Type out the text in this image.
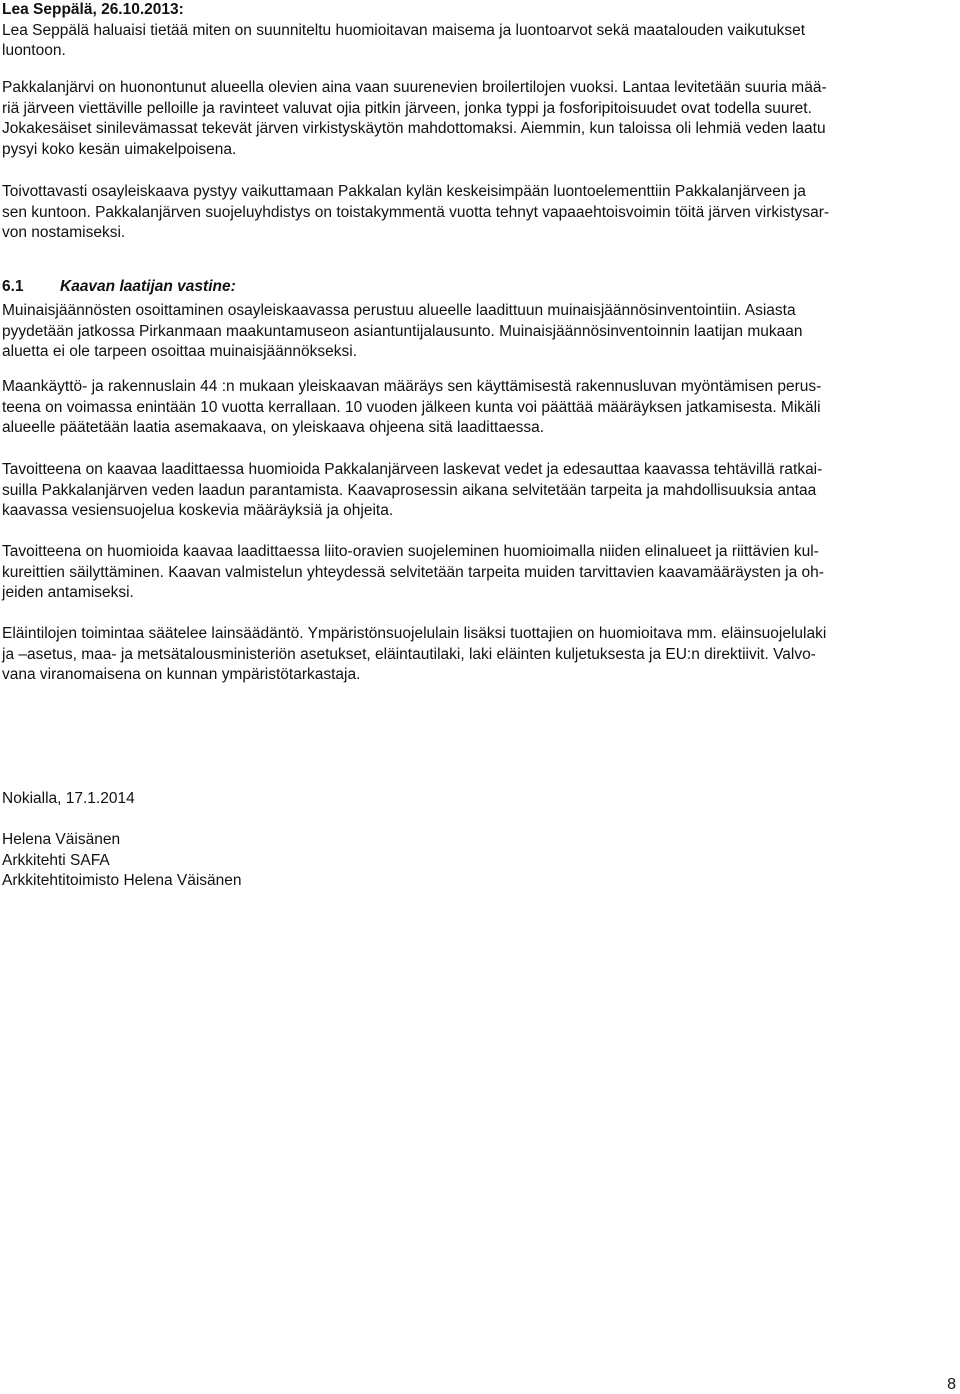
Lea Seppälä, 26.10.2013:
Lea Seppälä haluaisi tietää miten on suunniteltu huomioitavan maisema ja luontoarvot sekä maatalouden vaikutukset
luontoon.
Pakkalanjärvi on huonontunut alueella olevien aina vaan suurenevien broilertilojen vuoksi. Lantaa levitetään suuria mää-
riä järveen viettäville pelloille ja ravinteet valuvat ojia pitkin järveen, jonka typpi ja fosforipitoisuudet ovat todella suuret.
Jokakesäiset sinilevämassat tekevät järven virkistyskäytön mahdottomaksi. Aiemmin, kun taloissa oli lehmiä veden laatu
pysyi koko kesän uimakelpoisena.
Toivottavasti osayleiskaava pystyy vaikuttamaan Pakkalan kylän keskeisimpään luontoelementtiin Pakkalanjärveen ja
sen kuntoon. Pakkalanjärven suojeluyhdistys on toistakymmentä vuotta tehnyt vapaaehtoisvoimin töitä järven virkistysar-
von nostamiseksi.
6.1 Kaavan laatijan vastine:
Muinaisjäännösten osoittaminen osayleiskaavassa perustuu alueelle laadittuun muinaisjäännösinventointiin. Asiasta
pyydetään jatkossa Pirkanmaan maakuntamuseon asiantuntijalausunto. Muinaisjäännösinventoinnin laatijan mukaan
aluetta ei ole tarpeen osoittaa muinaisjäännökseksi.
Maankäyttö- ja rakennuslain 44 :n mukaan yleiskaavan määräys sen käyttämisestä rakennusluvan myöntämisen perus-
teena on voimassa enintään 10 vuotta kerrallaan. 10 vuoden jälkeen kunta voi päättää määräyksen jatkamisesta. Mikäli
alueelle päätetään laatia asemakaava, on yleiskaava ohjeena sitä laadittaessa.
Tavoitteena on kaavaa laadittaessa huomioida Pakkalanjärveen laskevat vedet ja edesauttaa kaavassa tehtävillä ratkai-
suilla Pakkalanjärven veden laadun parantamista. Kaavaprosessin aikana selvitetään tarpeita ja mahdollisuuksia antaa
kaavassa vesiensuojelua koskevia määräyksiä ja ohjeita.
Tavoitteena on huomioida kaavaa laadittaessa liito-oravien suojeleminen huomioimalla niiden elinalueet ja riittävien kul-
kureittien säilyttäminen. Kaavan valmistelun yhteydessä selvitetään tarpeita muiden tarvittavien kaavamääräysten ja oh-
jeiden antamiseksi.
Eläintilojen toimintaa säätelee lainsäädäntö. Ympäristönsuojelulain lisäksi tuottajien on huomioitava mm. eläinsuojelulaki
ja –asetus, maa- ja metsätalousministeriön asetukset, eläintautilaki, laki eläinten kuljetuksesta ja EU:n direktiivit. Valvo-
vana viranomaisena on kunnan ympäristötarkastaja.
Nokialla, 17.1.2014
Helena Väisänen
Arkkitehti SAFA
Arkkitehtitoimisto Helena Väisänen
8
